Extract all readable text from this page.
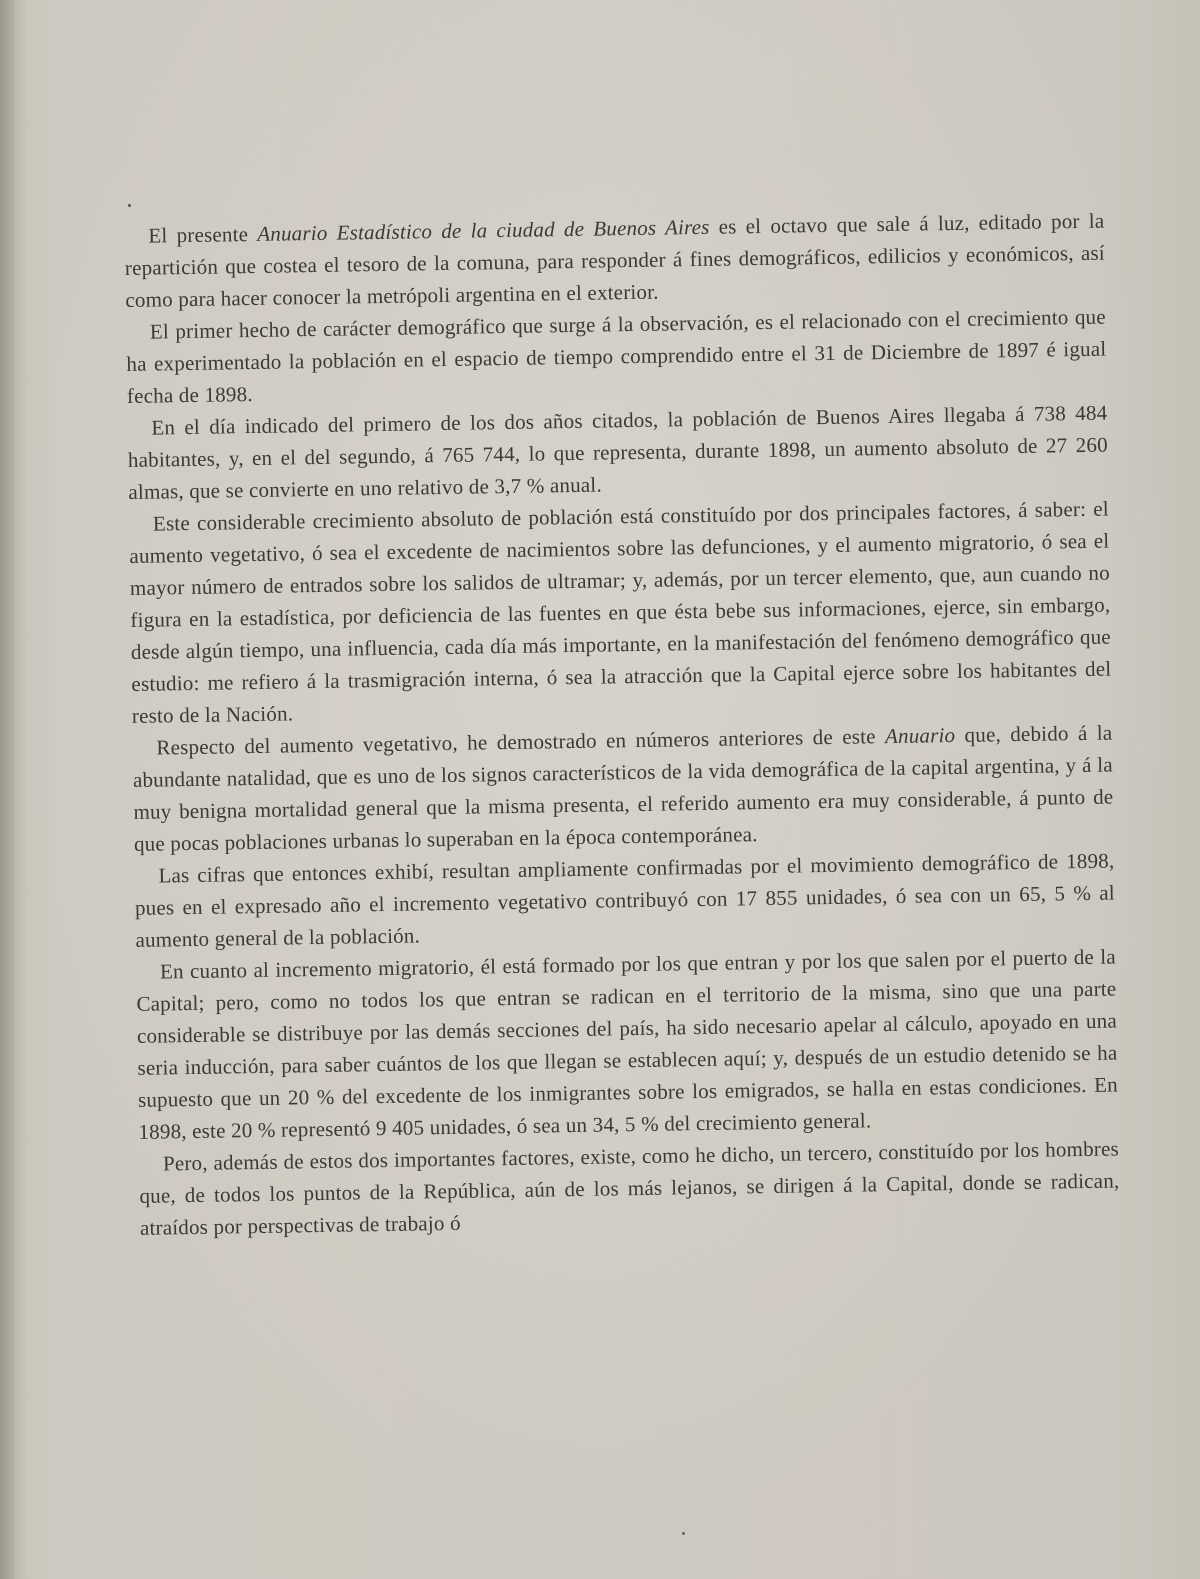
El presente Anuario Estadístico de la ciudad de Buenos Aires es el octavo que sale á luz, editado por la repartición que costea el tesoro de la comuna, para responder á fines demográficos, edilicios y económicos, así como para hacer conocer la metrópoli argentina en el exterior.

El primer hecho de carácter demográfico que surge á la observación, es el relacionado con el crecimiento que ha experimentado la población en el espacio de tiempo comprendido entre el 31 de Diciembre de 1897 é igual fecha de 1898.

En el día indicado del primero de los dos años citados, la población de Buenos Aires llegaba á 738 484 habitantes, y, en el del segundo, á 765 744, lo que representa, durante 1898, un aumento absoluto de 27 260 almas, que se convierte en uno relativo de 3,7 % anual.

Este considerable crecimiento absoluto de población está constituído por dos principales factores, á saber: el aumento vegetativo, ó sea el excedente de nacimientos sobre las defunciones, y el aumento migratorio, ó sea el mayor número de entrados sobre los salidos de ultramar; y, además, por un tercer elemento, que, aun cuando no figura en la estadística, por deficiencia de las fuentes en que ésta bebe sus informaciones, ejerce, sin embargo, desde algún tiempo, una influencia, cada día más importante, en la manifestación del fenómeno demográfico que estudio: me refiero á la trasmigración interna, ó sea la atracción que la Capital ejerce sobre los habitantes del resto de la Nación.

Respecto del aumento vegetativo, he demostrado en números anteriores de este Anuario que, debido á la abundante natalidad, que es uno de los signos característicos de la vida demográfica de la capital argentina, y á la muy benigna mortalidad general que la misma presenta, el referido aumento era muy considerable, á punto de que pocas poblaciones urbanas lo superaban en la época contemporánea.

Las cifras que entonces exhibí, resultan ampliamente confirmadas por el movimiento demográfico de 1898, pues en el expresado año el incremento vegetativo contribuyó con 17 855 unidades, ó sea con un 65, 5 % al aumento general de la población.

En cuanto al incremento migratorio, él está formado por los que entran y por los que salen por el puerto de la Capital; pero, como no todos los que entran se radican en el territorio de la misma, sino que una parte considerable se distribuye por las demás secciones del país, ha sido necesario apelar al cálculo, apoyado en una seria inducción, para saber cuántos de los que llegan se establecen aquí; y, después de un estudio detenido se ha supuesto que un 20 % del excedente de los inmigrantes sobre los emigrados, se halla en estas condiciones. En 1898, este 20 % representó 9 405 unidades, ó sea un 34, 5 % del crecimiento general.

Pero, además de estos dos importantes factores, existe, como he dicho, un tercero, constituído por los hombres que, de todos los puntos de la República, aún de los más lejanos, se dirigen á la Capital, donde se radican, atraídos por perspectivas de trabajo ó
